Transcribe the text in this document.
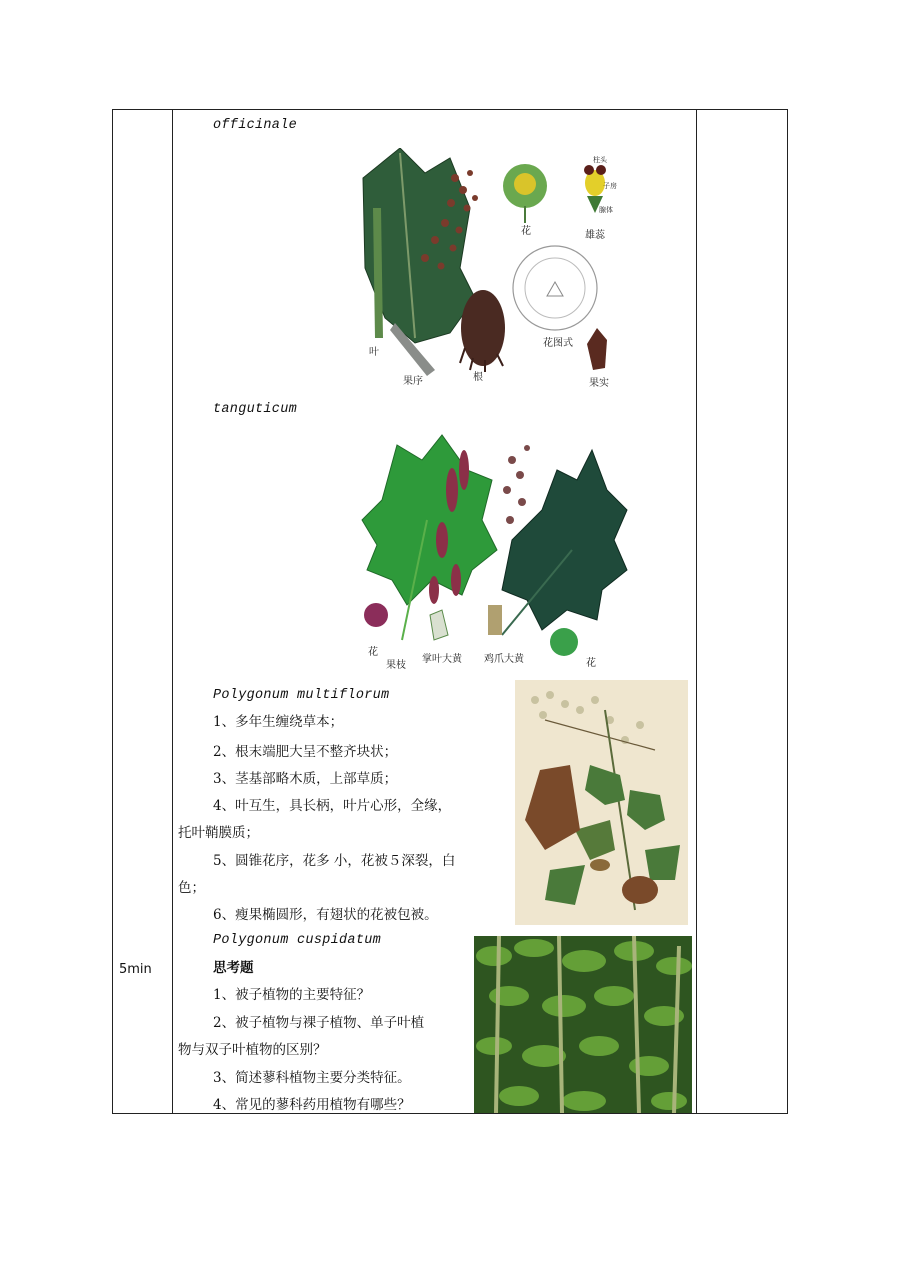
5min
officinale
叶
果序	根
花	雄蕊
柱头
子房
腺体
花图式
果实
tanguticum
花
果枝
掌叶大黄 鸡爪大黄	花
Polygonum multiflorum
1、多年生缠绕草本；
2、根末端肥大呈不整齐块状；
3、茎基部略木质，上部草质；
4、叶互生，具长柄，叶片心形，全缘，
托叶鞘膜质；
5、圆锥花序，花多 小，花被５深裂，白
色；
6、瘦果椭圆形，有翅状的花被包被。
Polygonum cuspidatum
思考题
1、被子植物的主要特征？
2、被子植物与裸子植物、单子叶植
物与双子叶植物的区别？
3、简述蓼科植物主要分类特征。
4、常见的蓼科药用植物有哪些？
